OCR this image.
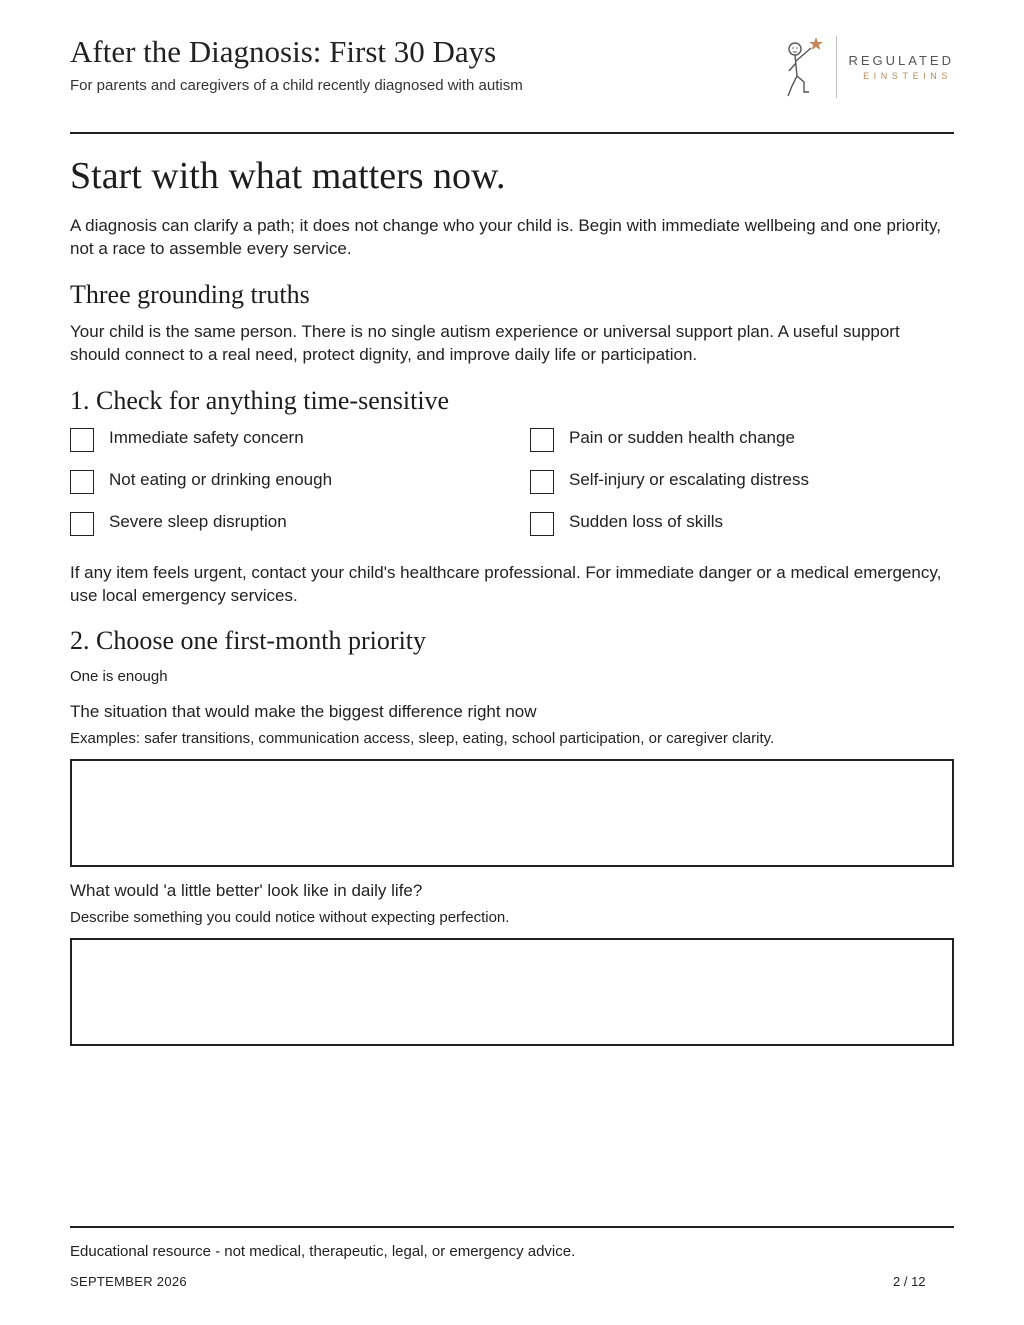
After the Diagnosis: First 30 Days
For parents and caregivers of a child recently diagnosed with autism
REGULATED
EINSTEINS
Start with what matters now.

A diagnosis can clarify a path; it does not change who your child is. Begin with immediate wellbeing and one priority, not a race to assemble every service.

Three grounding truths

Your child is the same person. There is no single autism experience or universal support plan. A useful support should connect to a real need, protect dignity, and improve daily life or participation.

1. Check for anything time-sensitive
Immediate safety concern	Pain or sudden health change
Not eating or drinking enough	Self-injury or escalating distress
Severe sleep disruption	Sudden loss of skills

If any item feels urgent, contact your child's healthcare professional. For immediate danger or a medical emergency, use local emergency services.

2. Choose one first-month priority

One is enough

The situation that would make the biggest difference right now

Examples: safer transitions, communication access, sleep, eating, school participation, or caregiver clarity.

What would 'a little better' look like in daily life?

Describe something you could notice without expecting perfection.

Educational resource - not medical, therapeutic, legal, or emergency advice.
SEPTEMBER 2026	2 / 12
